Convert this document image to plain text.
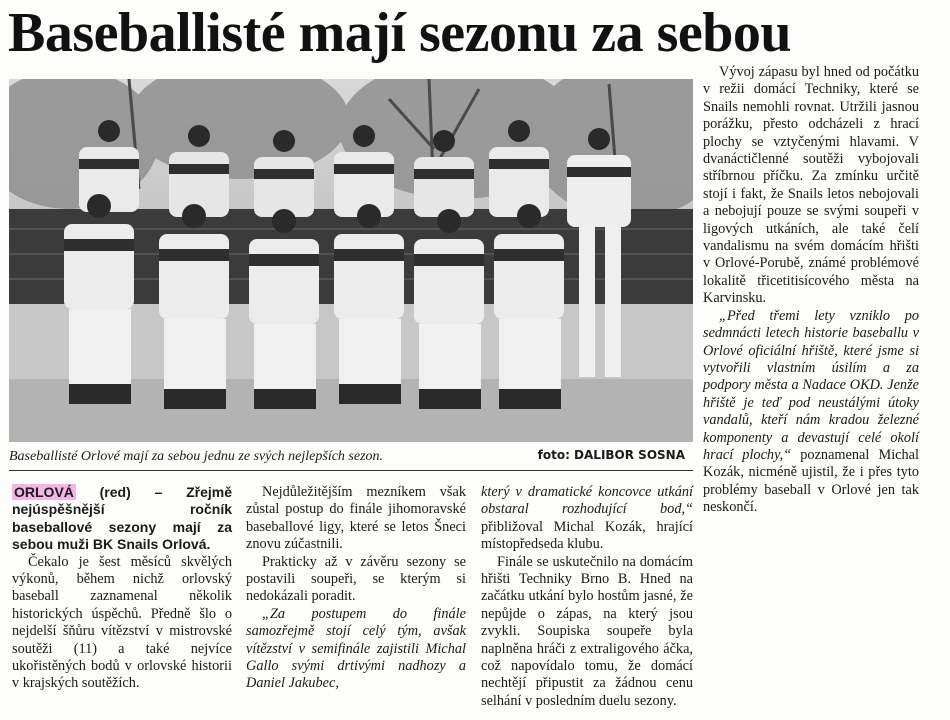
Baseballisté mají sezonu za sebou
Baseballisté Orlové mají za sebou jednu ze svých nejlepších sezon.	foto: DALIBOR SOSNA

ORLOVÁ (red) – Zřejmě nejúspěšnější ročník baseballové sezony mají za sebou muži BK Snails Orlová.

Čekalo je šest měsíců skvělých výkonů, během nichž orlovský baseball zaznamenal několik historických úspěchů. Předně šlo o nejdelší šňůru vítězství v mistrovské soutěži (11) a také nejvíce ukořistěných bodů v orlovské historii v krajských soutěžích.

Nejdůležitějším mezníkem však zůstal postup do finále jihomoravské baseballové ligy, které se letos Šneci znovu zúčastnili.

Prakticky až v závěru sezony se postavili soupeři, se kterým si nedokázali poradit.

„Za postupem do finále samozřejmě stojí celý tým, avšak vítězství v semifinále zajistili Michal Gallo svými drtivými nadhozy a Daniel Jakubec,

který v dramatické koncovce utkání obstaral rozhodující bod,“ přibližoval Michal Kozák, hrající místopředseda klubu.

Finále se uskutečnilo na domácím hřišti Techniky Brno B. Hned na začátku utkání bylo hostům jasné, že nepůjde o zápas, na který jsou zvykli. Soupiska soupeře byla naplněna hráči z extraligového áčka, což napovídalo tomu, že domácí nechtějí připustit za žádnou cenu selhání v posledním duelu sezony.

Vývoj zápasu byl hned od počátku v režii domácí Techniky, které se Snails nemohli rovnat. Utržili jasnou porážku, přesto odcházeli z hrací plochy se vztyčenými hlavami. V dvanáctičlenné soutěži vybojovali stříbrnou příčku. Za zmínku určitě stojí i fakt, že Snails letos nebojovali a nebojují pouze se svými soupeři v ligových utkáních, ale také čelí vandalismu na svém domácím hřišti v Orlové-Porubě, známé problémové lokalitě třicetitisícového města na Karvinsku.

„Před třemi lety vzniklo po sedmnácti letech historie baseballu v Orlové oficiální hřiště, které jsme si vytvořili vlastním úsilím a za podpory města a Nadace OKD. Jenže hřiště je teď pod neustálými útoky vandalů, kteří nám kradou železné komponenty a devastují celé okolí hrací plochy,“ poznamenal Michal Kozák, nicméně ujistil, že i přes tyto problémy baseball v Orlové jen tak neskončí.
